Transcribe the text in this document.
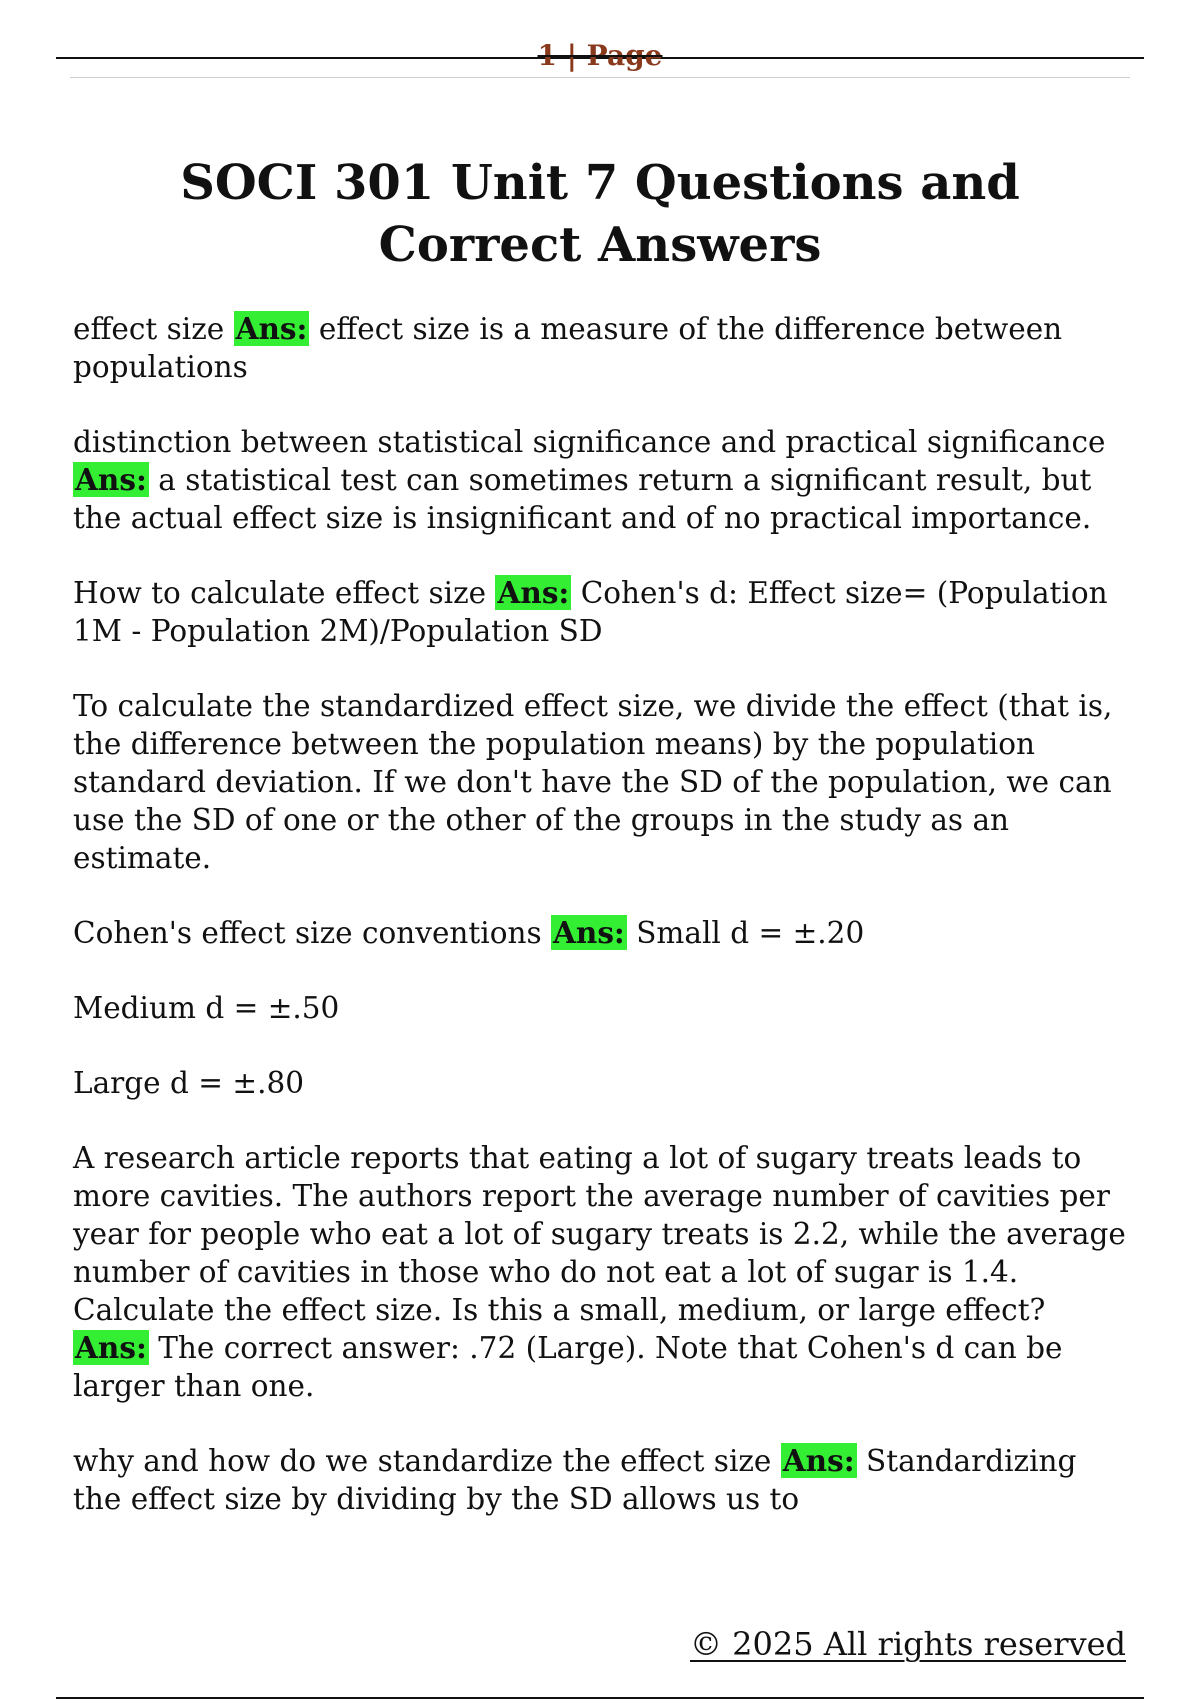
1 | Page
SOCI 301 Unit 7 Questions and Correct Answers

effect size Ans: effect size is a measure of the difference between populations

distinction between statistical significance and practical significance Ans: a statistical test can sometimes return a significant result, but the actual effect size is insignificant and of no practical importance.

How to calculate effect size Ans: Cohen's d: Effect size= (Population 1M - Population 2M)/Population SD

To calculate the standardized effect size, we divide the effect (that is, the difference between the population means) by the population standard deviation. If we don't have the SD of the population, we can use the SD of one or the other of the groups in the study as an estimate.

Cohen's effect size conventions Ans: Small d = ±.20

Medium d = ±.50

Large d = ±.80

A research article reports that eating a lot of sugary treats leads to more cavities. The authors report the average number of cavities per year for people who eat a lot of sugary treats is 2.2, while the average number of cavities in those who do not eat a lot of sugar is 1.4. Calculate the effect size. Is this a small, medium, or large effect? Ans: The correct answer: .72 (Large). Note that Cohen's d can be larger than one.

why and how do we standardize the effect size Ans: Standardizing the effect size by dividing by the SD allows us to

© 2025 All rights reserved
